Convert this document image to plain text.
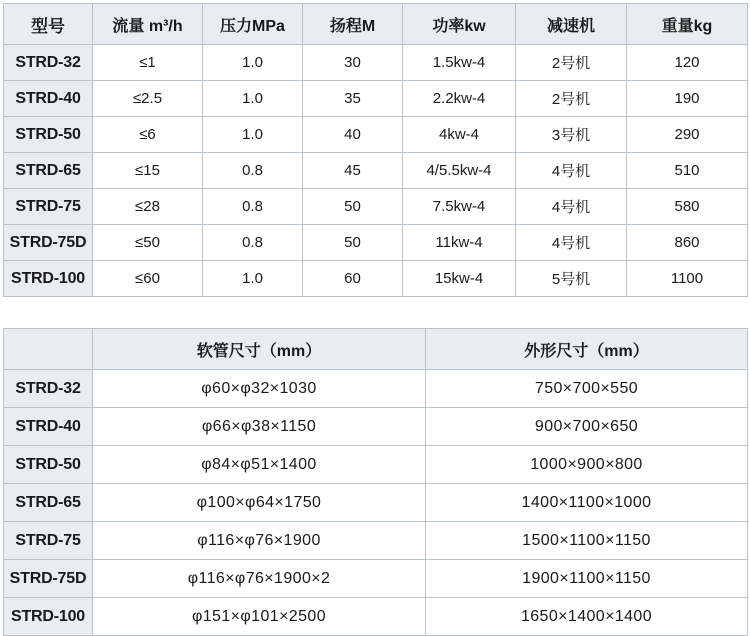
型号	流量 m³/h	压力MPa	扬程M	功率kw	减速机	重量kg
STRD-32	≤1	1.0	30	1.5kw-4	2号机	120
STRD-40	≤2.5	1.0	35	2.2kw-4	2号机	190
STRD-50	≤6	1.0	40	4kw-4	3号机	290
STRD-65	≤15	0.8	45	4/5.5kw-4	4号机	510
STRD-75	≤28	0.8	50	7.5kw-4	4号机	580
STRD-75D	≤50	0.8	50	11kw-4	4号机	860
STRD-100	≤60	1.0	60	15kw-4	5号机	1100
	软管尺寸（mm）	外形尺寸（mm）
STRD-32	φ60×φ32×1030	750×700×550
STRD-40	φ66×φ38×1150	900×700×650
STRD-50	φ84×φ51×1400	1000×900×800
STRD-65	φ100×φ64×1750	1400×1100×1000
STRD-75	φ116×φ76×1900	1500×1100×1150
STRD-75D	φ116×φ76×1900×2	1900×1100×1150
STRD-100	φ151×φ101×2500	1650×1400×1400
